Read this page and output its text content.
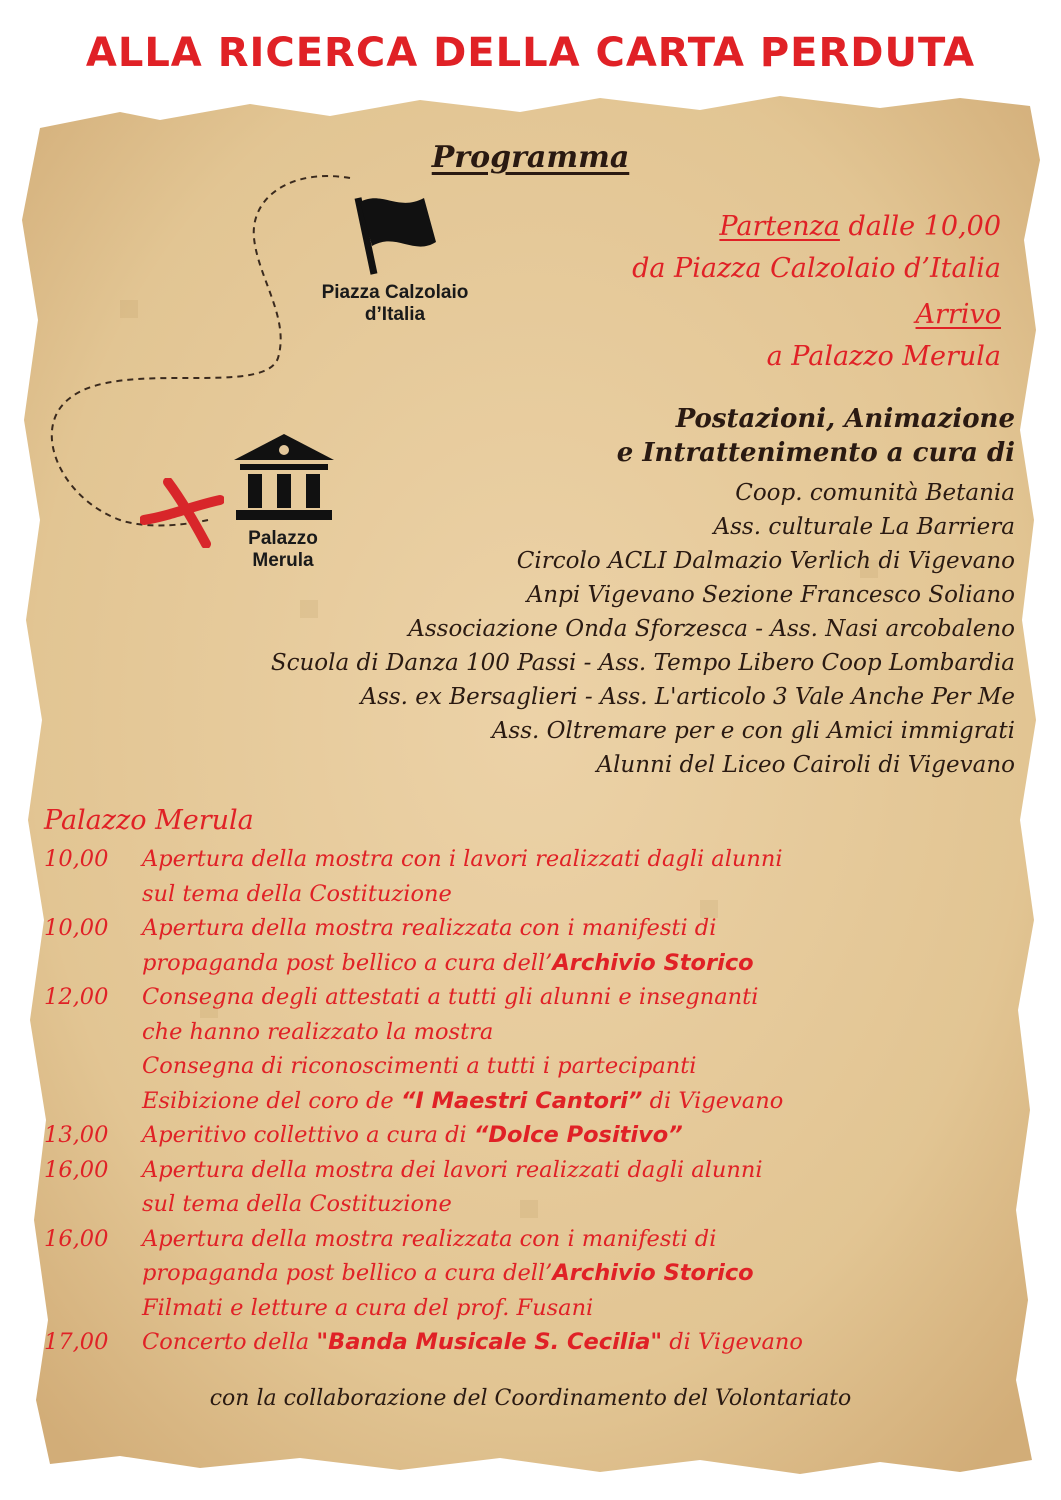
ALLA RICERCA DELLA CARTA PERDUTA
Programma
Piazza Calzolaio
d’Italia
Palazzo
Merula
Partenza dalle 10,00
da Piazza Calzolaio d’Italia
Arrivo
a Palazzo Merula
Postazioni, Animazione
e Intrattenimento a cura di
Coop. comunità Betania
Ass. culturale La Barriera
Circolo ACLI Dalmazio Verlich di Vigevano
Anpi Vigevano Sezione Francesco Soliano
Associazione Onda Sforzesca - Ass. Nasi arcobaleno
Scuola di Danza 100 Passi - Ass. Tempo Libero Coop Lombardia
Ass. ex Bersaglieri - Ass. L'articolo 3 Vale Anche Per Me
Ass. Oltremare per e con gli Amici immigrati
Alunni del Liceo Cairoli di Vigevano
Palazzo Merula
10,00	Apertura della mostra con i lavori realizzati dagli alunni
sul tema della Costituzione
10,00	Apertura della mostra realizzata con i manifesti di
propaganda post bellico a cura dell’Archivio Storico
12,00	Consegna degli attestati a tutti gli alunni e insegnanti
che hanno realizzato la mostra
Consegna di riconoscimenti a tutti i partecipanti
Esibizione del coro de “I Maestri Cantori” di Vigevano
13,00	Aperitivo collettivo a cura di “Dolce Positivo”
16,00	Apertura della mostra dei lavori realizzati dagli alunni
sul tema della Costituzione
16,00	Apertura della mostra realizzata con i manifesti di
propaganda post bellico a cura dell’Archivio Storico
Filmati e letture a cura del prof. Fusani
17,00	Concerto della "Banda Musicale S. Cecilia" di Vigevano
con la collaborazione del Coordinamento del Volontariato
